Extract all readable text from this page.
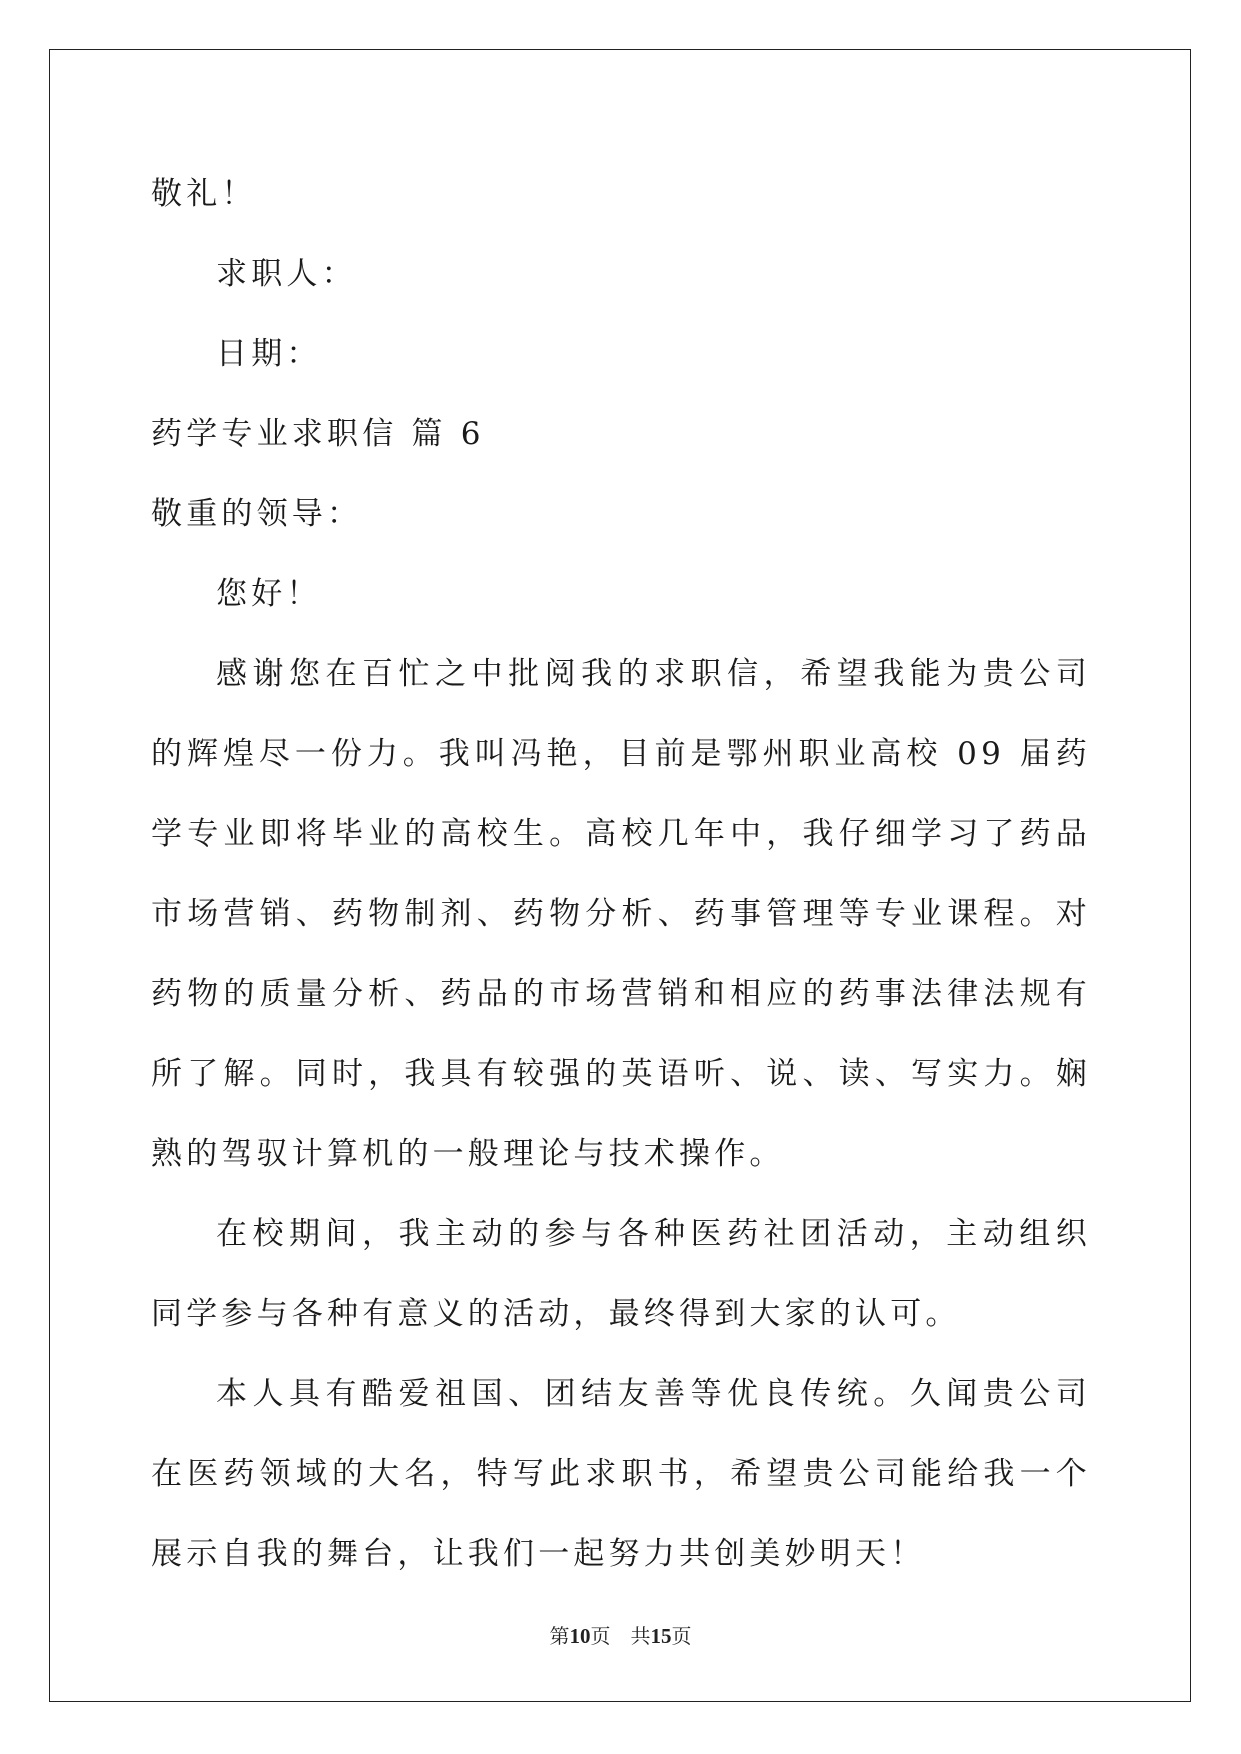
敬礼！
求职人：
日期：
药学专业求职信 篇 6
敬重的领导：
您好！

感谢您在百忙之中批阅我的求职信，希望我能为贵公司的辉煌尽一份力。我叫冯艳，目前是鄂州职业高校 09 届药学专业即将毕业的高校生。高校几年中，我仔细学习了药品市场营销、药物制剂、药物分析、药事管理等专业课程。对药物的质量分析、药品的市场营销和相应的药事法律法规有所了解。同时，我具有较强的英语听、说、读、写实力。娴熟的驾驭计算机的一般理论与技术操作。

在校期间，我主动的参与各种医药社团活动，主动组织同学参与各种有意义的活动，最终得到大家的认可。

本人具有酷爱祖国、团结友善等优良传统。久闻贵公司在医药领域的大名，特写此求职书，希望贵公司能给我一个展示自我的舞台，让我们一起努力共创美妙明天！

第10页　 共15页
